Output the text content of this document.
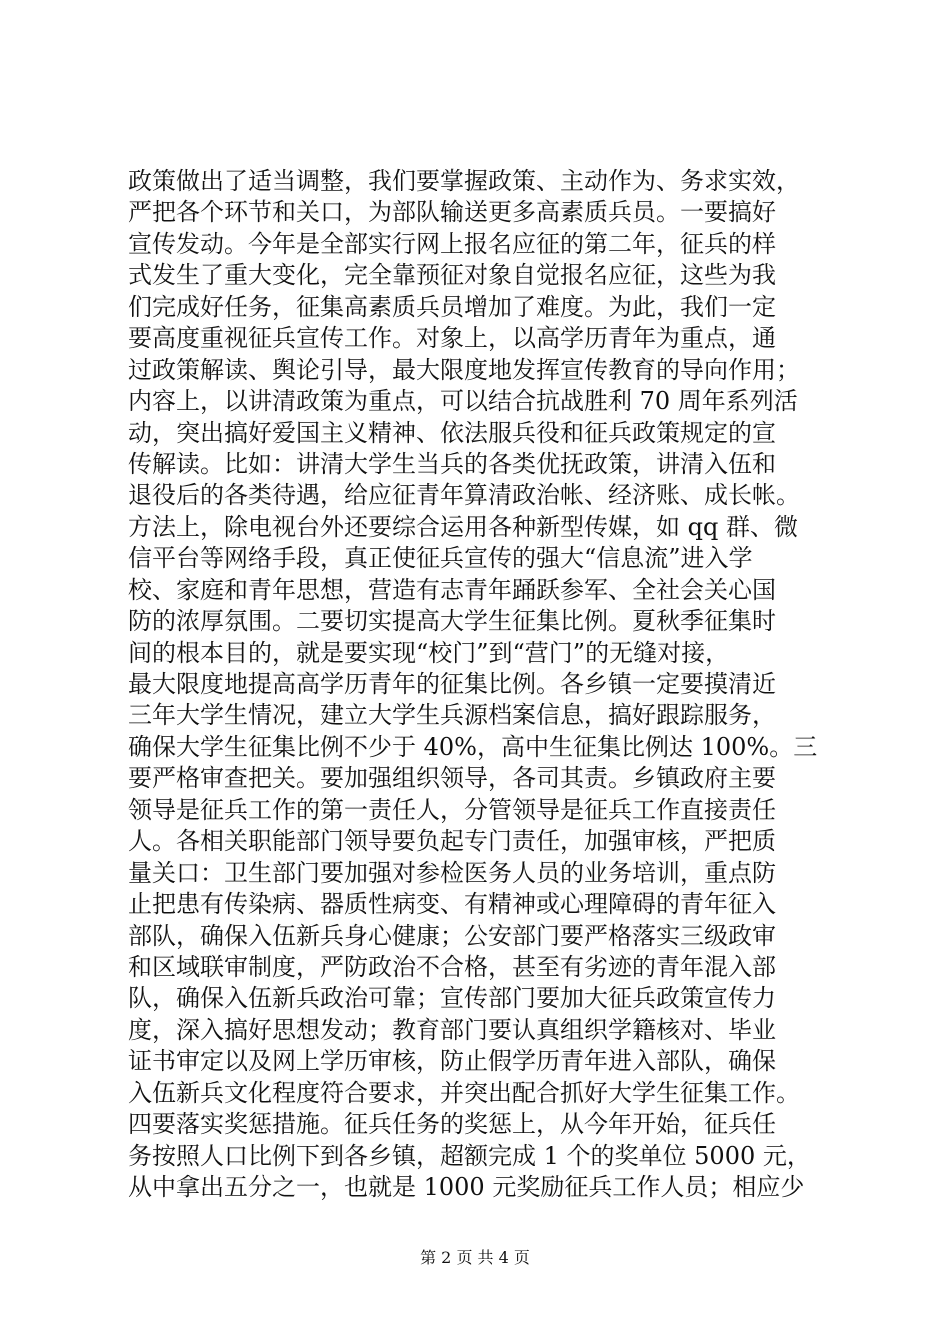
政策做出了适当调整，我们要掌握政策、主动作为、务求实效，
严把各个环节和关口，为部队输送更多高素质兵员。一要搞好
宣传发动。今年是全部实行网上报名应征的第二年，征兵的样
式发生了重大变化，完全靠预征对象自觉报名应征，这些为我
们完成好任务，征集高素质兵员增加了难度。为此，我们一定
要高度重视征兵宣传工作。对象上，以高学历青年为重点，通
过政策解读、舆论引导，最大限度地发挥宣传教育的导向作用；
内容上，以讲清政策为重点，可以结合抗战胜利 70 周年系列活
动，突出搞好爱国主义精神、依法服兵役和征兵政策规定的宣
传解读。比如：讲清大学生当兵的各类优抚政策，讲清入伍和
退役后的各类待遇，给应征青年算清政治帐、经济账、成长帐。
方法上，除电视台外还要综合运用各种新型传媒，如 qq 群、微
信平台等网络手段，真正使征兵宣传的强大“信息流”进入学
校、家庭和青年思想，营造有志青年踊跃参军、全社会关心国
防的浓厚氛围。二要切实提高大学生征集比例。夏秋季征集时
间的根本目的，就是要实现“校门”到“营门”的无缝对接，
最大限度地提高高学历青年的征集比例。各乡镇一定要摸清近
三年大学生情况，建立大学生兵源档案信息，搞好跟踪服务，
确保大学生征集比例不少于 40%，高中生征集比例达 100%。三
要严格审查把关。要加强组织领导，各司其责。乡镇政府主要
领导是征兵工作的第一责任人，分管领导是征兵工作直接责任
人。各相关职能部门领导要负起专门责任，加强审核，严把质
量关口：卫生部门要加强对参检医务人员的业务培训，重点防
止把患有传染病、器质性病变、有精神或心理障碍的青年征入
部队，确保入伍新兵身心健康；公安部门要严格落实三级政审
和区域联审制度，严防政治不合格，甚至有劣迹的青年混入部
队，确保入伍新兵政治可靠；宣传部门要加大征兵政策宣传力
度，深入搞好思想发动；教育部门要认真组织学籍核对、毕业
证书审定以及网上学历审核，防止假学历青年进入部队，确保
入伍新兵文化程度符合要求，并突出配合抓好大学生征集工作。
四要落实奖惩措施。征兵任务的奖惩上，从今年开始，征兵任
务按照人口比例下到各乡镇，超额完成 1 个的奖单位 5000 元，
从中拿出五分之一，也就是 1000 元奖励征兵工作人员；相应少
第 2 页 共 4 页
